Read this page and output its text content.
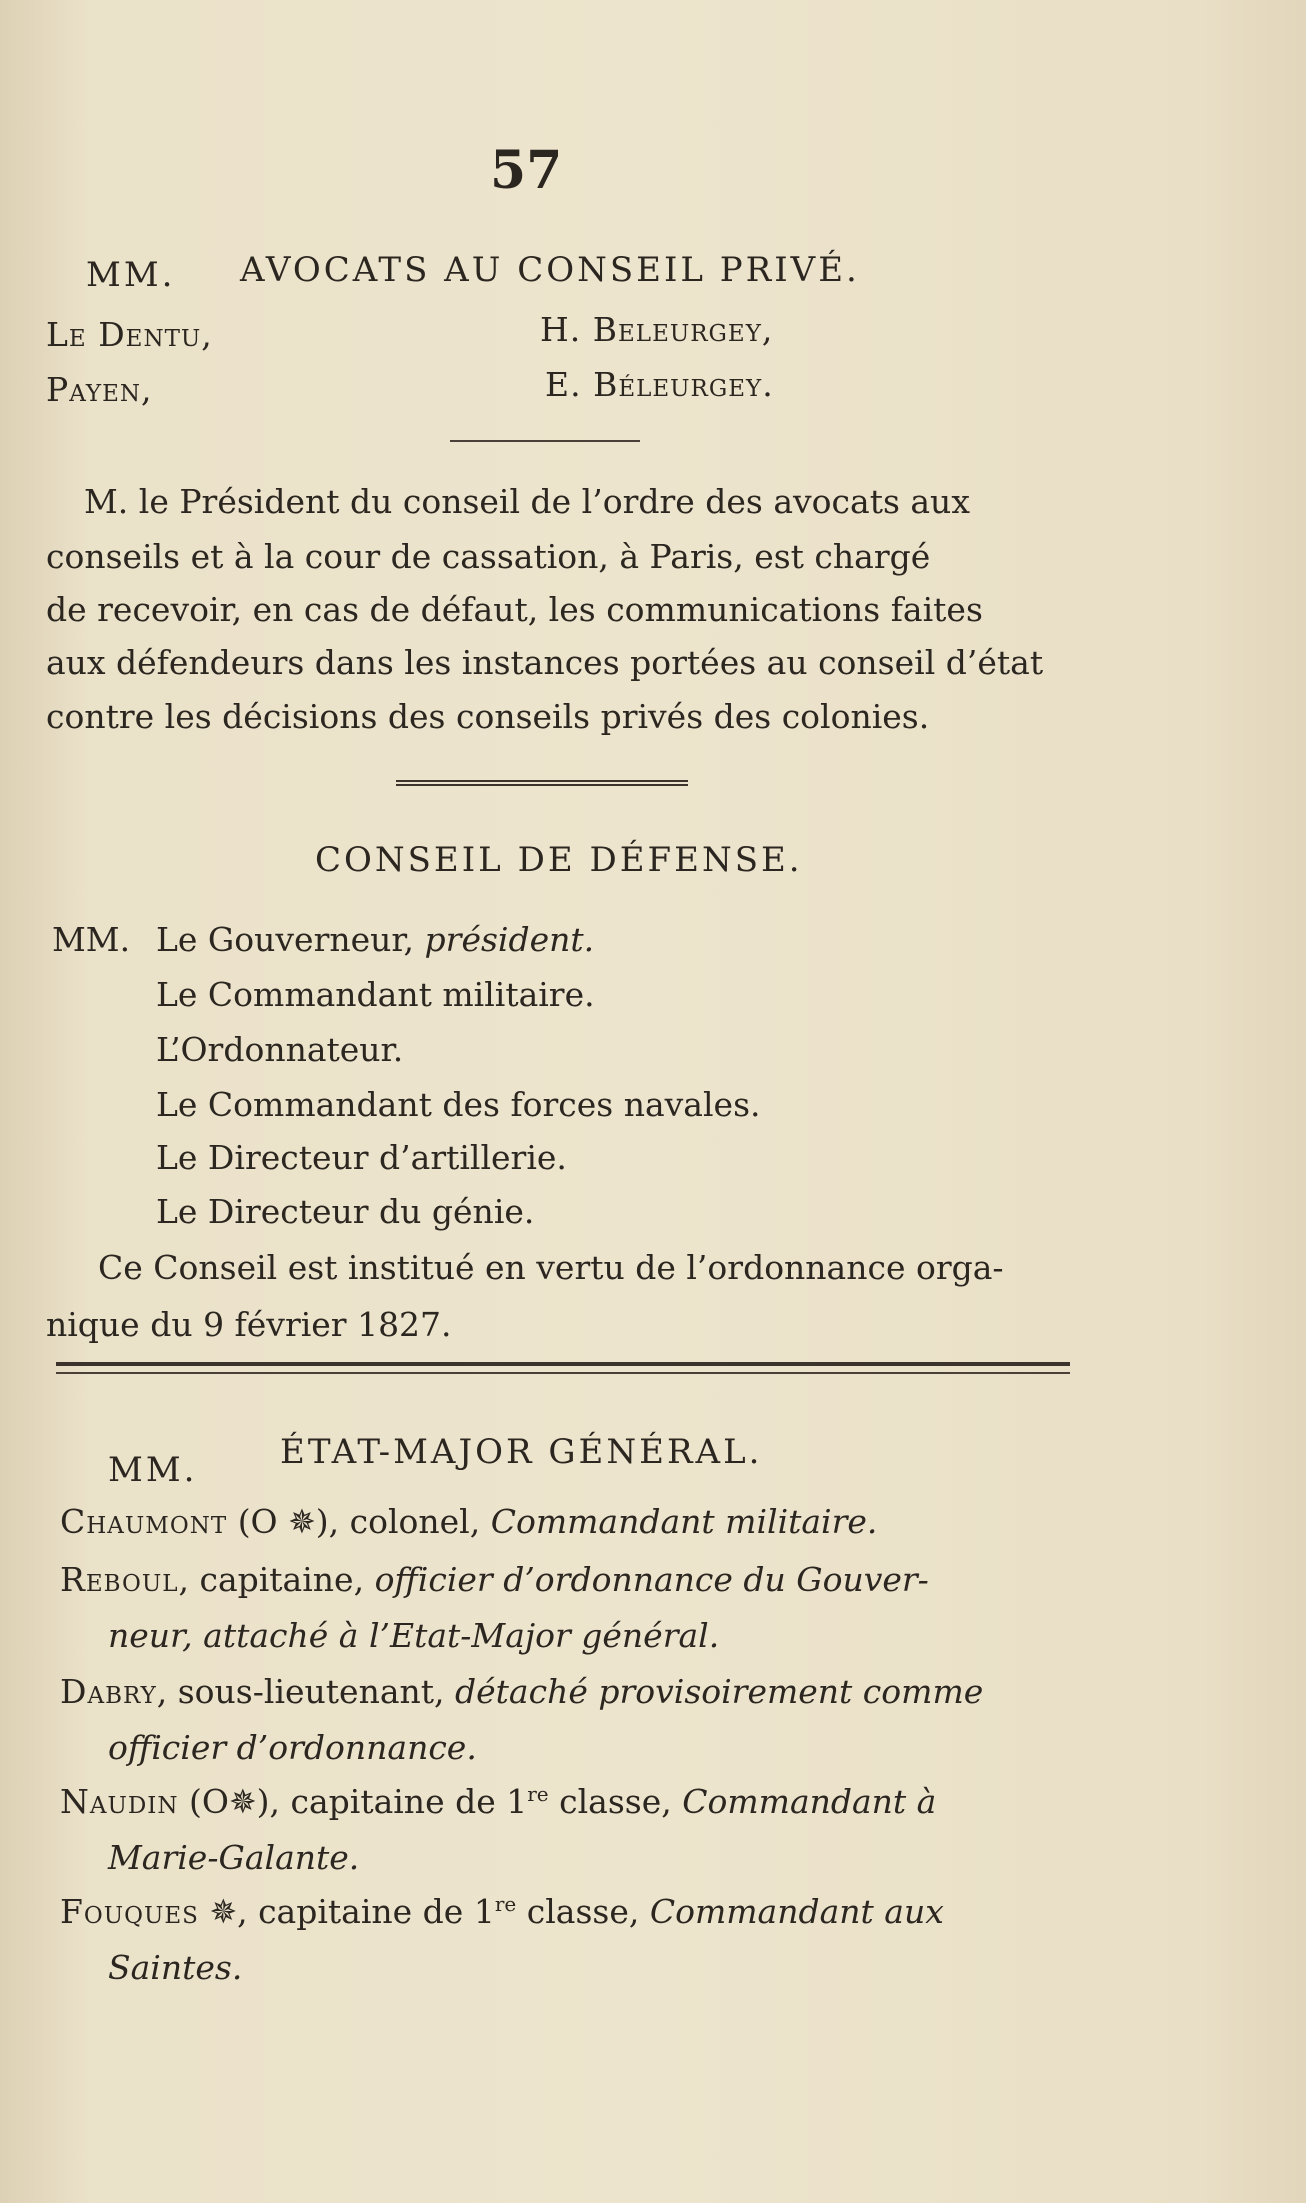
57
MM. AVOCATS AU CONSEIL PRIVÉ.
Le Dentu,
Payen,
H. Beleurgey,
E. Béleurgey.
M. le Président du conseil de l’ordre des avocats aux
conseils et à la cour de cassation, à Paris, est chargé
de recevoir, en cas de défaut, les communications faites
aux défendeurs dans les instances portées au conseil d’état
contre les décisions des conseils privés des colonies.
CONSEIL DE DÉFENSE.
MM. Le Gouverneur, président.
Le Commandant militaire.
L’Ordonnateur.
Le Commandant des forces navales.
Le Directeur d’artillerie.
Le Directeur du génie.
Ce Conseil est institué en vertu de l’ordonnance orga-
nique du 9 février 1827.
MM. ÉTAT-MAJOR GÉNÉRAL.
Chaumont (O ✵), colonel, Commandant militaire.
Reboul, capitaine, officier d’ordonnance du Gouver-
neur, attaché à l’Etat-Major général.
Dabry, sous-lieutenant, détaché provisoirement comme
officier d’ordonnance.
Naudin (O✵), capitaine de 1re classe, Commandant à
Marie-Galante.
Fouques ✵, capitaine de 1re classe, Commandant aux
Saintes.
